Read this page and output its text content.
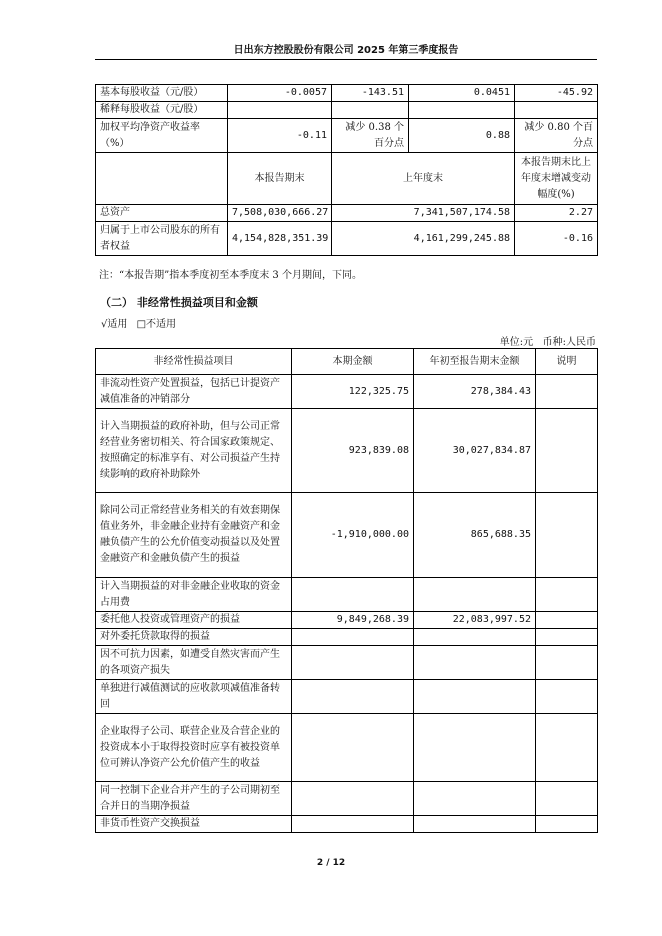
日出东方控股股份有限公司 2025 年第三季度报告
基本每股收益（元/股）	-0.0057	-143.51	0.0451	-45.92
稀释每股收益（元/股）				
加权平均净资产收益率（%）	-0.11	减少 0.38 个百分点	0.88	减少 0.80 个百分点
	本报告期末	上年度末		本报告期末比上年度末增减变动幅度(%)
总资产	7,508,030,666.27	7,341,507,174.58		2.27
归属于上市公司股东的所有者权益	4,154,828,351.39	4,161,299,245.88		-0.16
注：“本报告期”指本季度初至本季度末 3 个月期间，下同。
（二） 非经常性损益项目和金额
√适用 □不适用
单位:元   币种:人民币
非经常性损益项目	本期金额	年初至报告期末金额	说明
非流动性资产处置损益，包括已计提资产减值准备的冲销部分	122,325.75	278,384.43	
计入当期损益的政府补助，但与公司正常经营业务密切相关、符合国家政策规定、按照确定的标准享有、对公司损益产生持续影响的政府补助除外	923,839.08	30,027,834.87	
除同公司正常经营业务相关的有效套期保值业务外，非金融企业持有金融资产和金融负债产生的公允价值变动损益以及处置金融资产和金融负债产生的损益	-1,910,000.00	865,688.35	
计入当期损益的对非金融企业收取的资金占用费			
委托他人投资或管理资产的损益	9,849,268.39	22,083,997.52	
对外委托贷款取得的损益			
因不可抗力因素，如遭受自然灾害而产生的各项资产损失			
单独进行减值测试的应收款项减值准备转回			
企业取得子公司、联营企业及合营企业的投资成本小于取得投资时应享有被投资单位可辨认净资产公允价值产生的收益			
同一控制下企业合并产生的子公司期初至合并日的当期净损益			
非货币性资产交换损益			
2 / 12
